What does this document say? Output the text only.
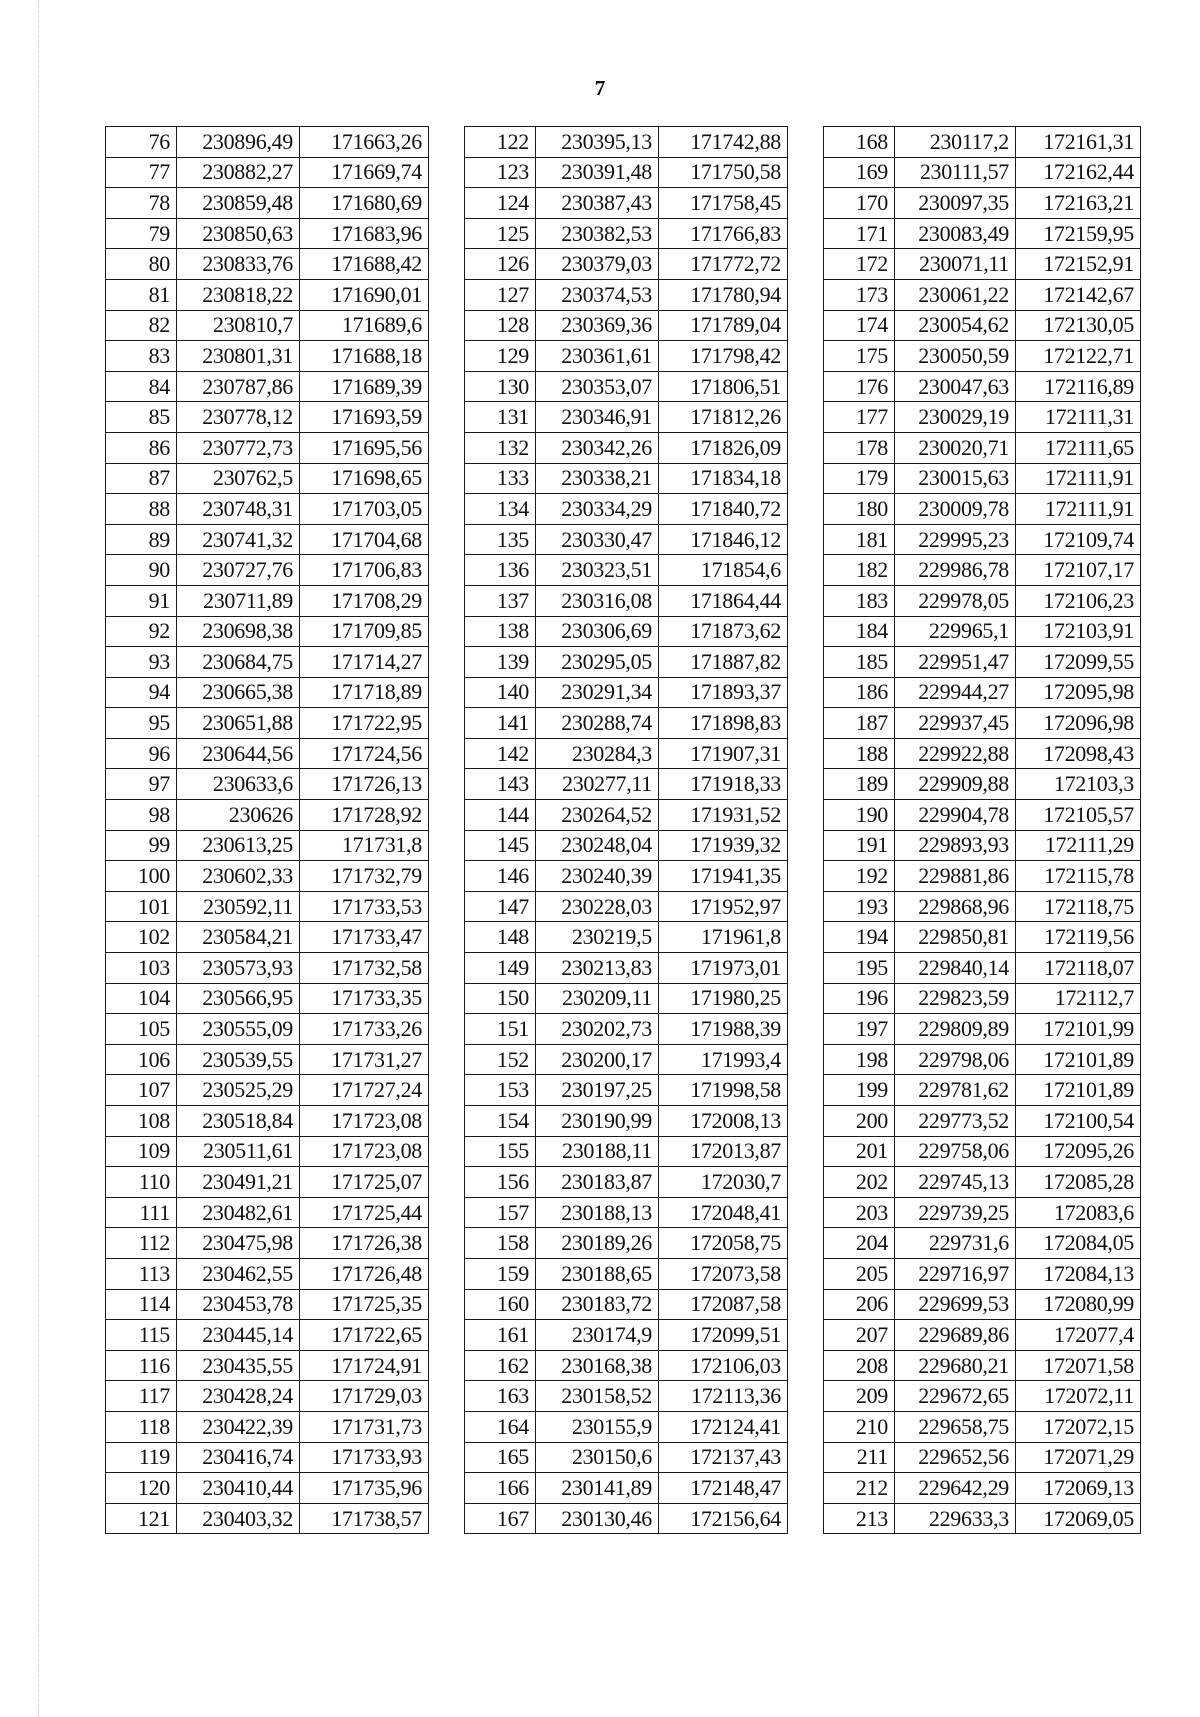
7
76	230896,49	171663,26
77	230882,27	171669,74
78	230859,48	171680,69
79	230850,63	171683,96
80	230833,76	171688,42
81	230818,22	171690,01
82	230810,7	171689,6
83	230801,31	171688,18
84	230787,86	171689,39
85	230778,12	171693,59
86	230772,73	171695,56
87	230762,5	171698,65
88	230748,31	171703,05
89	230741,32	171704,68
90	230727,76	171706,83
91	230711,89	171708,29
92	230698,38	171709,85
93	230684,75	171714,27
94	230665,38	171718,89
95	230651,88	171722,95
96	230644,56	171724,56
97	230633,6	171726,13
98	230626	171728,92
99	230613,25	171731,8
100	230602,33	171732,79
101	230592,11	171733,53
102	230584,21	171733,47
103	230573,93	171732,58
104	230566,95	171733,35
105	230555,09	171733,26
106	230539,55	171731,27
107	230525,29	171727,24
108	230518,84	171723,08
109	230511,61	171723,08
110	230491,21	171725,07
111	230482,61	171725,44
112	230475,98	171726,38
113	230462,55	171726,48
114	230453,78	171725,35
115	230445,14	171722,65
116	230435,55	171724,91
117	230428,24	171729,03
118	230422,39	171731,73
119	230416,74	171733,93
120	230410,44	171735,96
121	230403,32	171738,57
122	230395,13	171742,88
123	230391,48	171750,58
124	230387,43	171758,45
125	230382,53	171766,83
126	230379,03	171772,72
127	230374,53	171780,94
128	230369,36	171789,04
129	230361,61	171798,42
130	230353,07	171806,51
131	230346,91	171812,26
132	230342,26	171826,09
133	230338,21	171834,18
134	230334,29	171840,72
135	230330,47	171846,12
136	230323,51	171854,6
137	230316,08	171864,44
138	230306,69	171873,62
139	230295,05	171887,82
140	230291,34	171893,37
141	230288,74	171898,83
142	230284,3	171907,31
143	230277,11	171918,33
144	230264,52	171931,52
145	230248,04	171939,32
146	230240,39	171941,35
147	230228,03	171952,97
148	230219,5	171961,8
149	230213,83	171973,01
150	230209,11	171980,25
151	230202,73	171988,39
152	230200,17	171993,4
153	230197,25	171998,58
154	230190,99	172008,13
155	230188,11	172013,87
156	230183,87	172030,7
157	230188,13	172048,41
158	230189,26	172058,75
159	230188,65	172073,58
160	230183,72	172087,58
161	230174,9	172099,51
162	230168,38	172106,03
163	230158,52	172113,36
164	230155,9	172124,41
165	230150,6	172137,43
166	230141,89	172148,47
167	230130,46	172156,64
168	230117,2	172161,31
169	230111,57	172162,44
170	230097,35	172163,21
171	230083,49	172159,95
172	230071,11	172152,91
173	230061,22	172142,67
174	230054,62	172130,05
175	230050,59	172122,71
176	230047,63	172116,89
177	230029,19	172111,31
178	230020,71	172111,65
179	230015,63	172111,91
180	230009,78	172111,91
181	229995,23	172109,74
182	229986,78	172107,17
183	229978,05	172106,23
184	229965,1	172103,91
185	229951,47	172099,55
186	229944,27	172095,98
187	229937,45	172096,98
188	229922,88	172098,43
189	229909,88	172103,3
190	229904,78	172105,57
191	229893,93	172111,29
192	229881,86	172115,78
193	229868,96	172118,75
194	229850,81	172119,56
195	229840,14	172118,07
196	229823,59	172112,7
197	229809,89	172101,99
198	229798,06	172101,89
199	229781,62	172101,89
200	229773,52	172100,54
201	229758,06	172095,26
202	229745,13	172085,28
203	229739,25	172083,6
204	229731,6	172084,05
205	229716,97	172084,13
206	229699,53	172080,99
207	229689,86	172077,4
208	229680,21	172071,58
209	229672,65	172072,11
210	229658,75	172072,15
211	229652,56	172071,29
212	229642,29	172069,13
213	229633,3	172069,05
